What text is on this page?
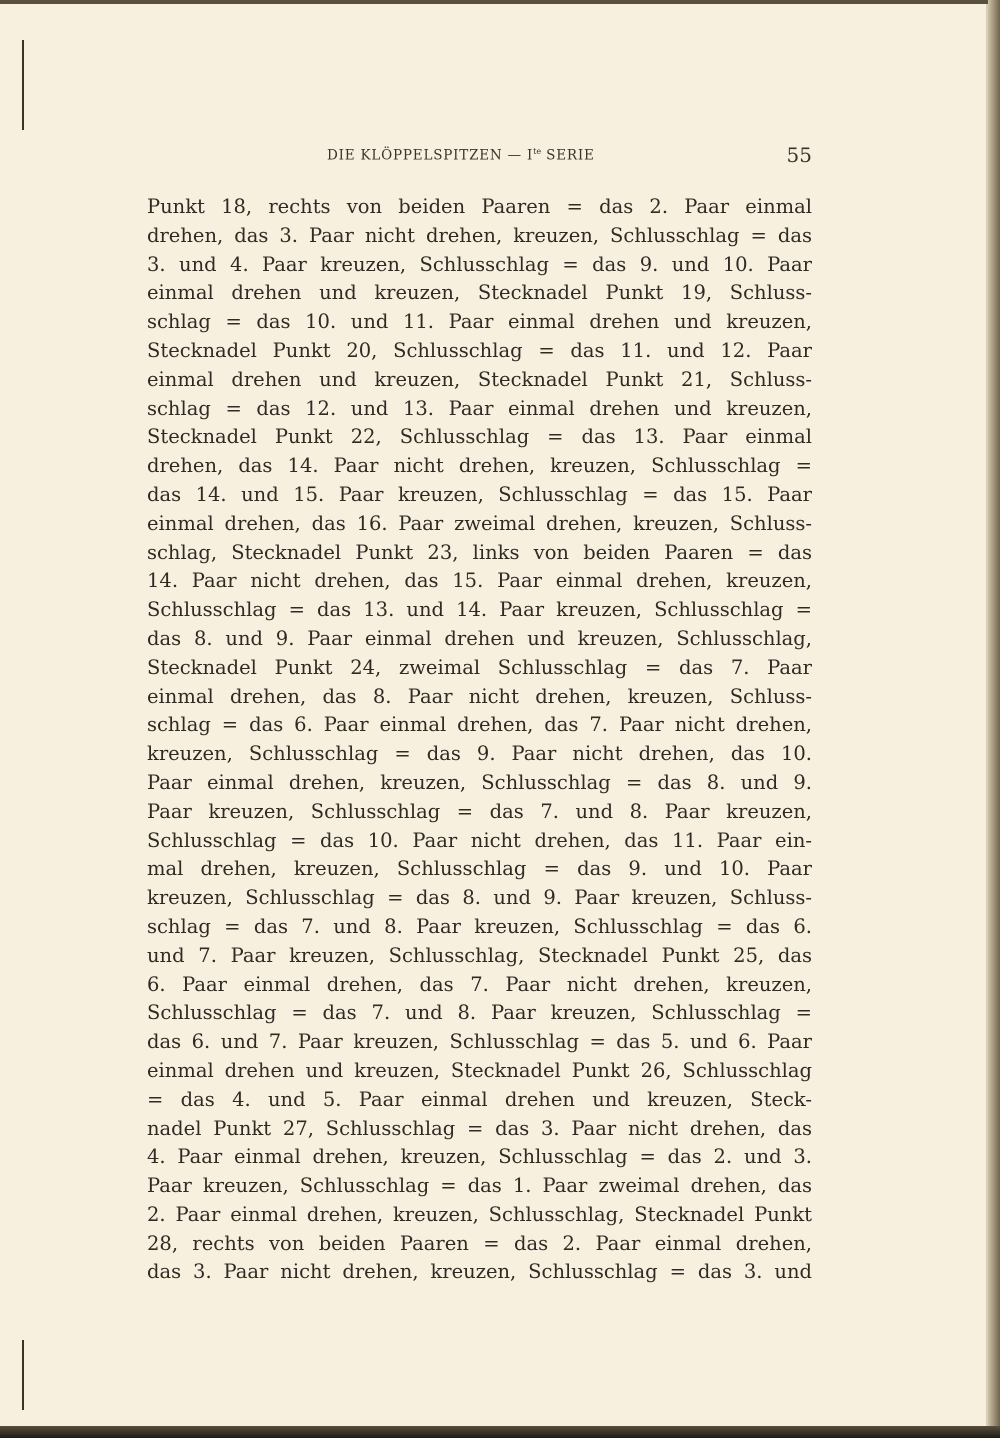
DIE KLÖPPELSPITZEN — $I^{te}$ SERIE	55
Punkt 18, rechts von beiden Paaren = das 2. Paar einmal
drehen, das 3. Paar nicht drehen, kreuzen, Schlusschlag = das
3. und 4. Paar kreuzen, Schlusschlag = das 9. und 10. Paar
einmal drehen und kreuzen, Stecknadel Punkt 19, Schluss-
schlag = das 10. und 11. Paar einmal drehen und kreuzen,
Stecknadel Punkt 20, Schlusschlag = das 11. und 12. Paar
einmal drehen und kreuzen, Stecknadel Punkt 21, Schluss-
schlag = das 12. und 13. Paar einmal drehen und kreuzen,
Stecknadel Punkt 22, Schlusschlag = das 13. Paar einmal
drehen, das 14. Paar nicht drehen, kreuzen, Schlusschlag =
das 14. und 15. Paar kreuzen, Schlusschlag = das 15. Paar
einmal drehen, das 16. Paar zweimal drehen, kreuzen, Schluss-
schlag, Stecknadel Punkt 23, links von beiden Paaren = das
14. Paar nicht drehen, das 15. Paar einmal drehen, kreuzen,
Schlusschlag = das 13. und 14. Paar kreuzen, Schlusschlag =
das 8. und 9. Paar einmal drehen und kreuzen, Schlusschlag,
Stecknadel Punkt 24, zweimal Schlusschlag = das 7. Paar
einmal drehen, das 8. Paar nicht drehen, kreuzen, Schluss-
schlag = das 6. Paar einmal drehen, das 7. Paar nicht drehen,
kreuzen, Schlusschlag = das 9. Paar nicht drehen, das 10.
Paar einmal drehen, kreuzen, Schlusschlag = das 8. und 9.
Paar kreuzen, Schlusschlag = das 7. und 8. Paar kreuzen,
Schlusschlag = das 10. Paar nicht drehen, das 11. Paar ein-
mal drehen, kreuzen, Schlusschlag = das 9. und 10. Paar
kreuzen, Schlusschlag = das 8. und 9. Paar kreuzen, Schluss-
schlag = das 7. und 8. Paar kreuzen, Schlusschlag = das 6.
und 7. Paar kreuzen, Schlusschlag, Stecknadel Punkt 25, das
6. Paar einmal drehen, das 7. Paar nicht drehen, kreuzen,
Schlusschlag = das 7. und 8. Paar kreuzen, Schlusschlag =
das 6. und 7. Paar kreuzen, Schlusschlag = das 5. und 6. Paar
einmal drehen und kreuzen, Stecknadel Punkt 26, Schlusschlag
= das 4. und 5. Paar einmal drehen und kreuzen, Steck-
nadel Punkt 27, Schlusschlag = das 3. Paar nicht drehen, das
4. Paar einmal drehen, kreuzen, Schlusschlag = das 2. und 3.
Paar kreuzen, Schlusschlag = das 1. Paar zweimal drehen, das
2. Paar einmal drehen, kreuzen, Schlusschlag, Stecknadel Punkt
28, rechts von beiden Paaren = das 2. Paar einmal drehen,
das 3. Paar nicht drehen, kreuzen, Schlusschlag = das 3. und
